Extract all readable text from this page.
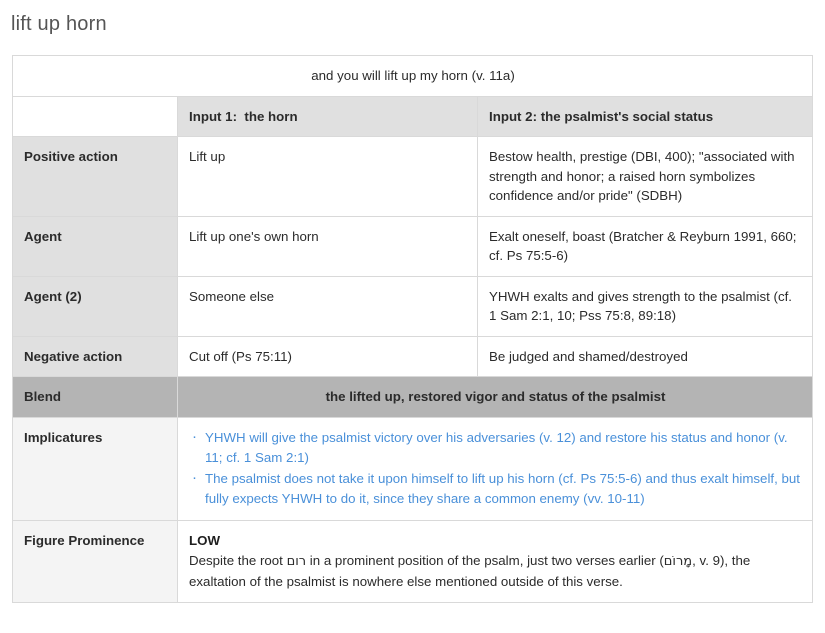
lift up horn
and you will lift up my horn (v. 11a)		
	Input 1:  the horn	Input 2: the psalmist's social status
Positive action	Lift up	Bestow health, prestige (DBI, 400); "associated with strength and honor; a raised horn symbolizes confidence and/or pride" (SDBH)
Agent	Lift up one's own horn	Exalt oneself, boast (Bratcher & Reyburn 1991, 660; cf. Ps 75:5-6)
Agent (2)	Someone else	YHWH exalts and gives strength to the psalmist (cf. 1 Sam 2:1, 10; Pss 75:8, 89:18)
Negative action	Cut off (Ps 75:11)	Be judged and shamed/destroyed
Blend	the lifted up, restored vigor and status of the psalmist	
Implicatures	
·YHWH will give the psalmist victory over his adversaries (v. 12) and restore his status and honor (v. 11; cf. 1 Sam 2:1)
· The psalmist does not take it upon himself to lift up his horn (cf. Ps 75:5-6) and thus exalt himself, but fully expects YHWH to do it, since they share a common enemy (vv. 10-11)

Figure Prominence	LOW
Despite the root רום in a prominent position of the psalm, just two verses earlier (מָרוֹם, v. 9), the exaltation of the psalmist is nowhere else mentioned outside of this verse.	
